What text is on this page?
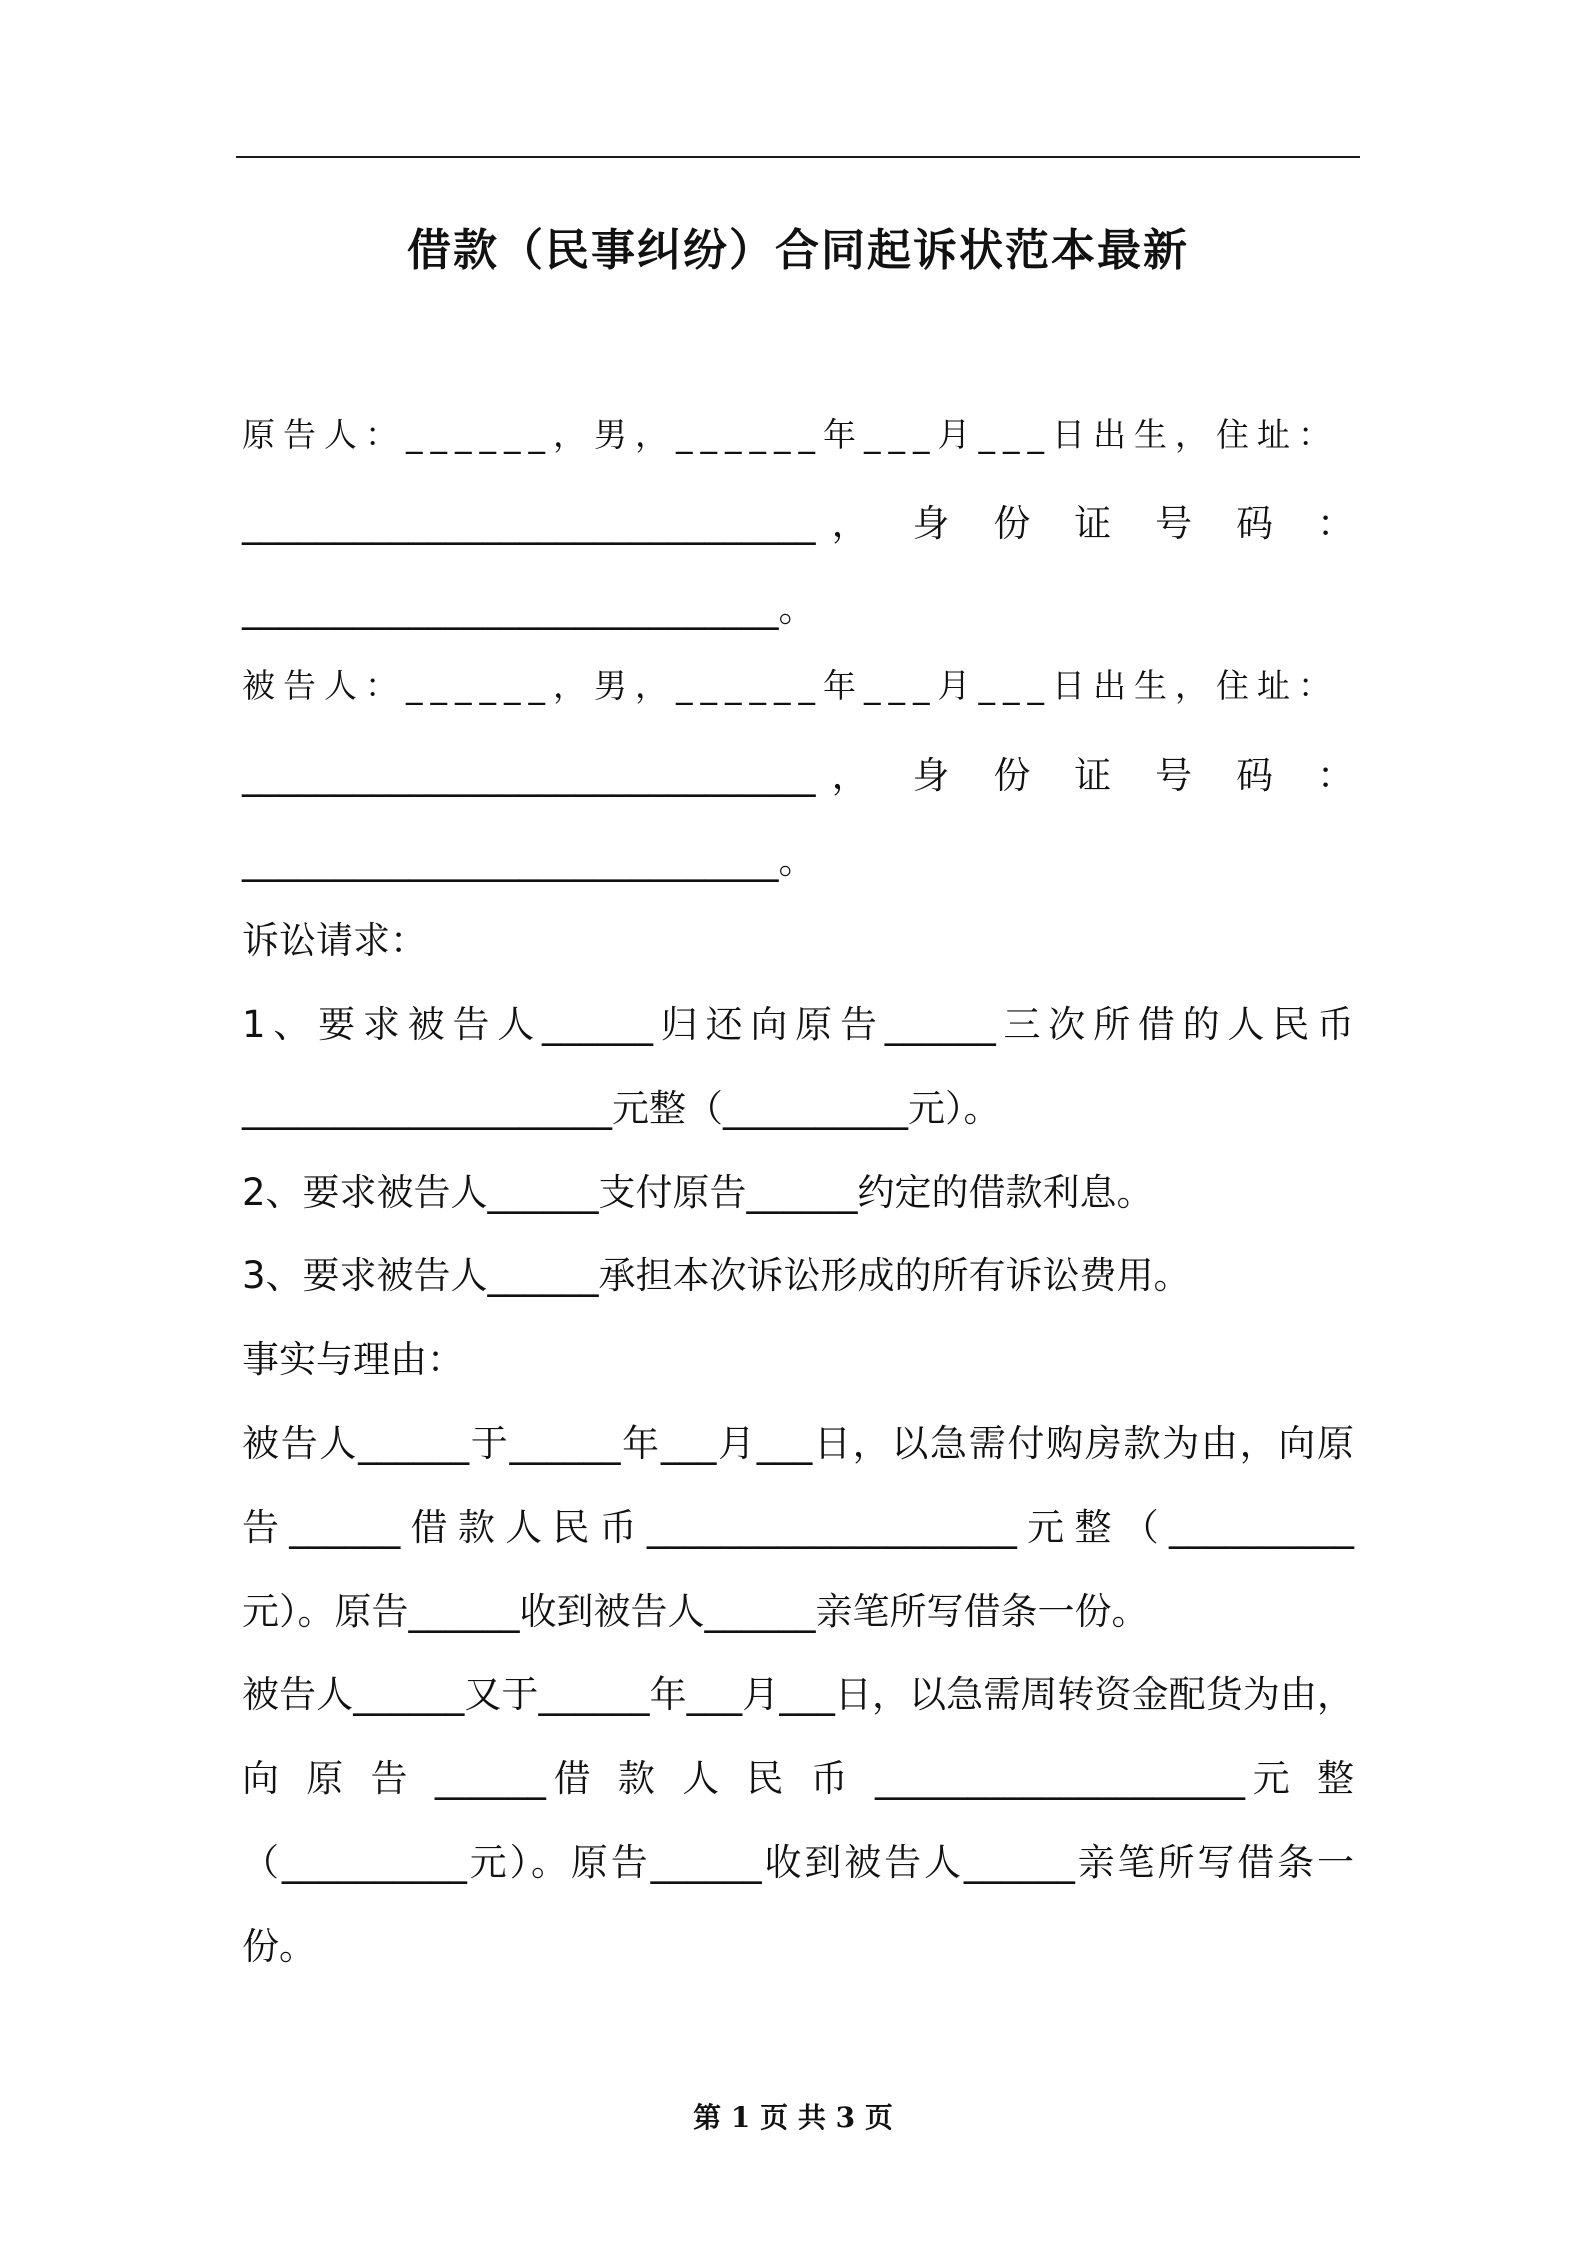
借款（民事纠纷）合同起诉状范本最新
原告人：______，男，______年___月___日出生，住址：
_______________________________， 身 份 证 号 码 ：
_____________________________。
被告人：______，男，______年___月___日出生，住址：
_______________________________， 身 份 证 号 码 ：
_____________________________。
诉讼请求：
1、要求被告人______归还向原告______三次所借的人民币
____________________元整（__________元）。
2、要求被告人______支付原告______约定的借款利息。
3、要求被告人______承担本次诉讼形成的所有诉讼费用。
事实与理由：
被告人______于______年___月___日，以急需付购房款为由，向原
告______借款人民币____________________元整（__________
元）。原告______收到被告人______亲笔所写借条一份。
被告人______又于______年___月___日，以急需周转资金配货为由，
向 原 告 ______借 款 人 民 币 ____________________元 整
（__________元）。原告______收到被告人______亲笔所写借条一
份。
第 1 页 共 3 页
